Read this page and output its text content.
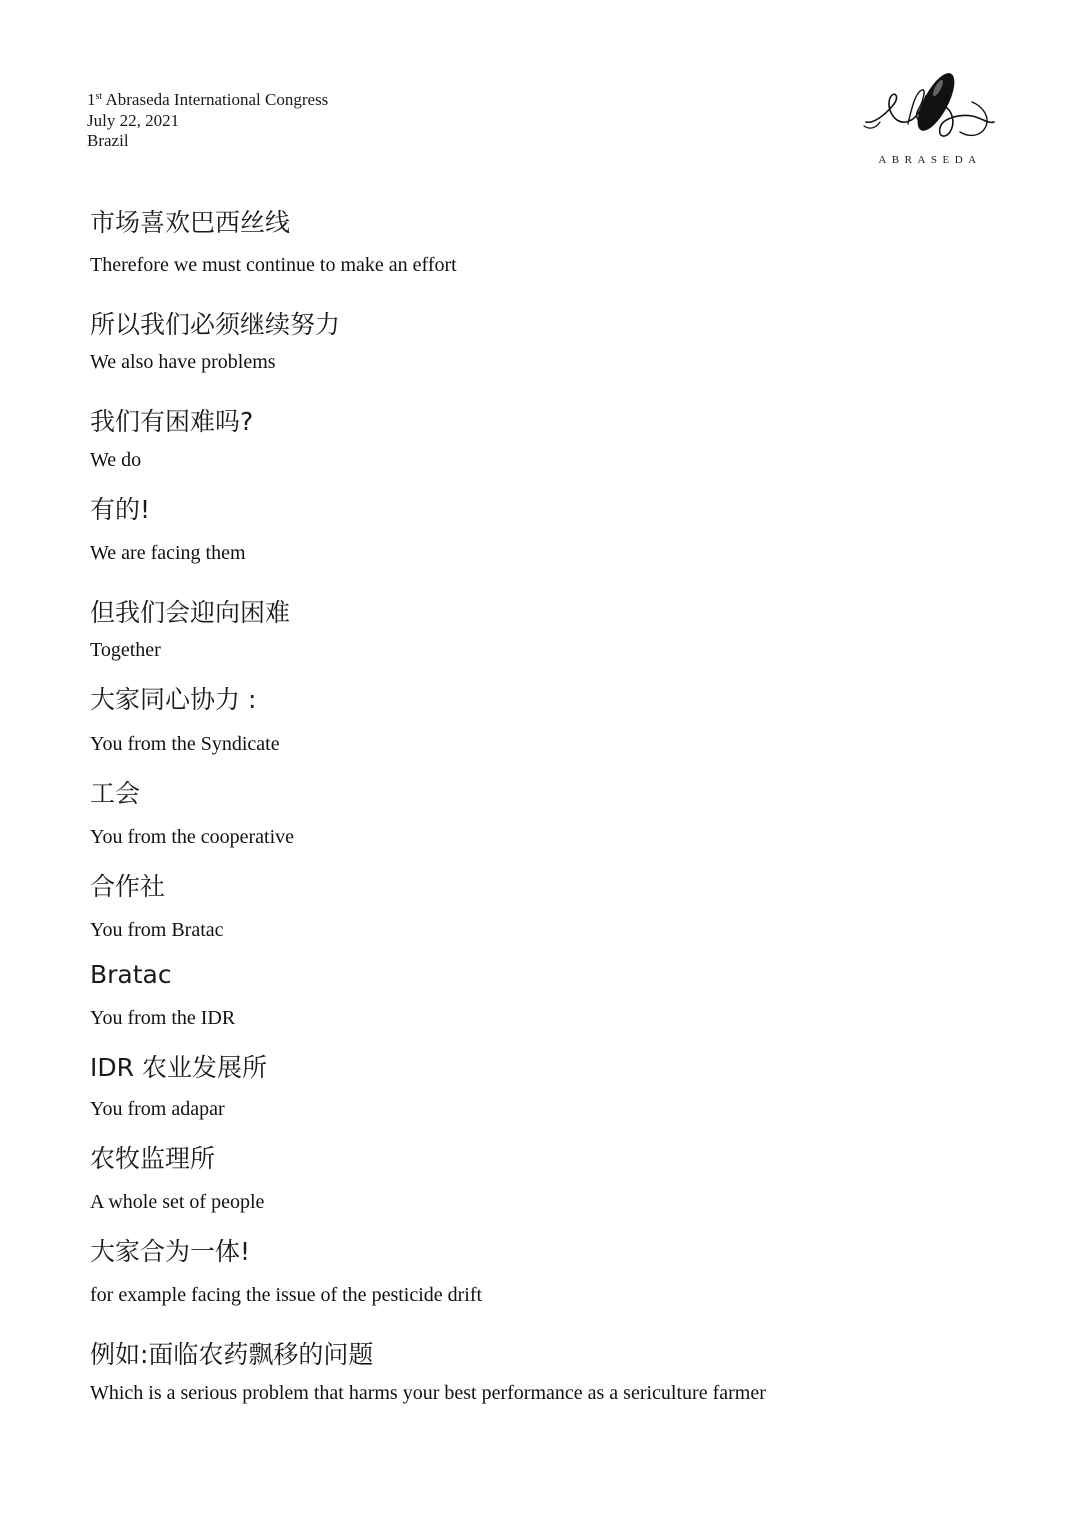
1st Abraseda International Congress
July 22, 2021
Brazil
ABRASEDA
市场喜欢巴西丝线
Therefore we must continue to make an effort
所以我们必须继续努力
We also have problems
我们有困难吗?
We do
有的!
We are facing them
但我们会迎向困难
Together
大家同心协力 :
You from the Syndicate
工会
You from the cooperative
合作社
You from Bratac
Bratac
You from the IDR
IDR 农业发展所
You from adapar
农牧监理所
A whole set of people
大家合为一体!
for example facing the issue of the pesticide drift
例如:面临农药飘移的问题
Which is a serious problem that harms your best performance as a sericulture farmer
